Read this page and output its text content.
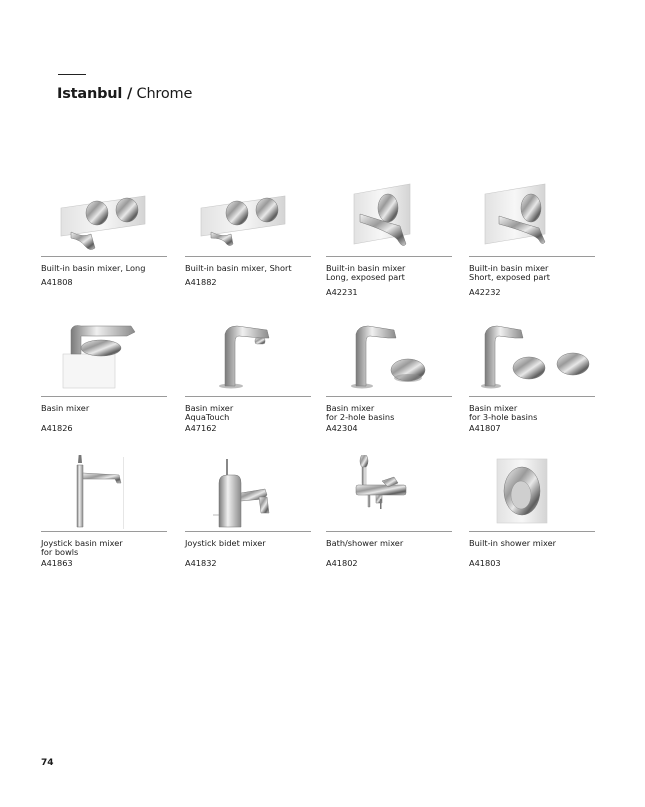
Istanbul / Chrome
Built-in basin mixer, Long
A41808
Built-in basin mixer, Short
A41882
Built-in basin mixer
Long, exposed part
A42231
Built-in basin mixer
Short, exposed part
A42232
Basin mixer
A41826
Basin mixer
AquaTouch
A47162
Basin mixer
for 2-hole basins
A42304
Basin mixer
for 3-hole basins
A41807
Joystick basin mixer
for bowls
A41863
Joystick bidet mixer
A41832
Bath/shower mixer
A41802
Built-in shower mixer
A41803
74
